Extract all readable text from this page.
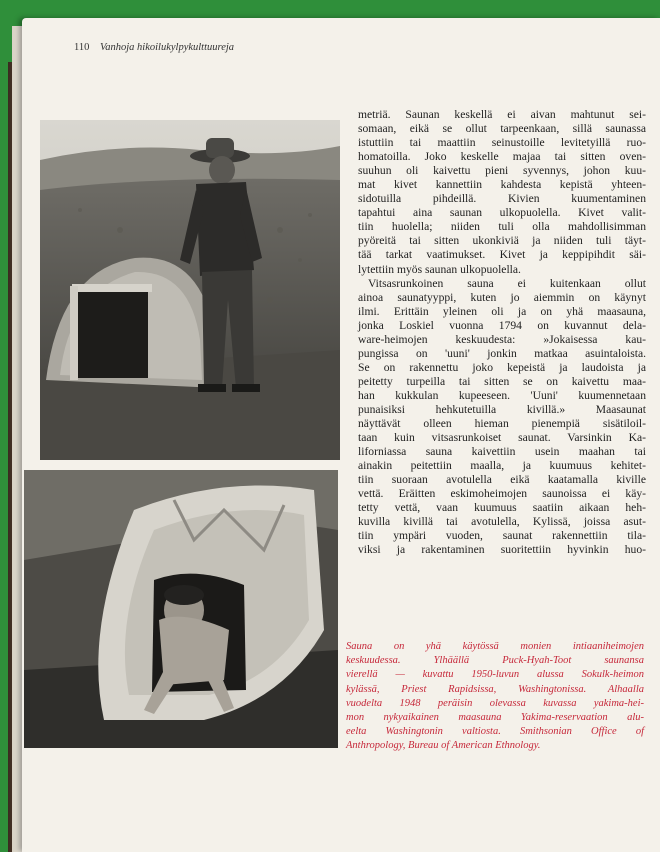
110 Vanhoja hikoilukylpykulttuureja
metriä. Saunan keskellä ei aivan mahtunut sei-
somaan, eikä se ollut tarpeenkaan, sillä saunassa
istuttiin tai maattiin seinustoille levitetyillä ruo-
homatoilla. Joko keskelle majaa tai sitten oven-
suuhun oli kaivettu pieni syvennys, johon kuu-
mat kivet kannettiin kahdesta kepistä yhteen-
sidotuilla pihdeillä. Kivien kuumentaminen
tapahtui aina saunan ulkopuolella. Kivet valit-
tiin huolella; niiden tuli olla mahdollisimman
pyöreitä tai sitten ukonkiviä ja niiden tuli täyt-
tää tarkat vaatimukset. Kivet ja keppipihdit säi-
lytettiin myös saunan ulkopuolella.
Vitsasrunkoinen sauna ei kuitenkaan ollut
ainoa saunatyyppi, kuten jo aiemmin on käynyt
ilmi. Erittäin yleinen oli ja on yhä maasauna,
jonka Loskiel vuonna 1794 on kuvannut dela-
ware-heimojen keskuudesta: »Jokaisessa kau-
pungissa on 'uuni' jonkin matkaa asuintaloista.
Se on rakennettu joko kepeistä ja laudoista ja
peitetty turpeilla tai sitten se on kaivettu maa-
han kukkulan kupeeseen. 'Uuni' kuumennetaan
punaisiksi hehkutetuilla kivillä.» Maasaunat
näyttävät olleen hieman pienempiä sisätiloil-
taan kuin vitsasrunkoiset saunat. Varsinkin Ka-
liforniassa sauna kaivettiin usein maahan tai
ainakin peitettiin maalla, ja kuumuus kehitet-
tiin suoraan avotulella eikä kaatamalla kiville
vettä. Eräitten eskimoheimojen saunoissa ei käy-
tetty vettä, vaan kuumuus saatiin aikaan heh-
kuvilla kivillä tai avotulella, Kylissä, joissa asut-
tiin ympäri vuoden, saunat rakennettiin tila-
viksi ja rakentaminen suoritettiin hyvinkin huo-
Sauna on yhä käytössä monien intiaaniheimojen
keskuudessa. Ylhäällä Puck-Hyah-Toot saunansa
vierellä — kuvattu 1950-luvun alussa Sokulk-heimon
kylässä, Priest Rapidsissa, Washingtonissa. Alhaalla
vuodelta 1948 peräisin olevassa kuvassa yakima-hei-
mon nykyaikainen maasauna Yakima-reservaation alu-
eelta Washingtonin valtiosta. Smithsonian Office of
Anthropology, Bureau of American Ethnology.
